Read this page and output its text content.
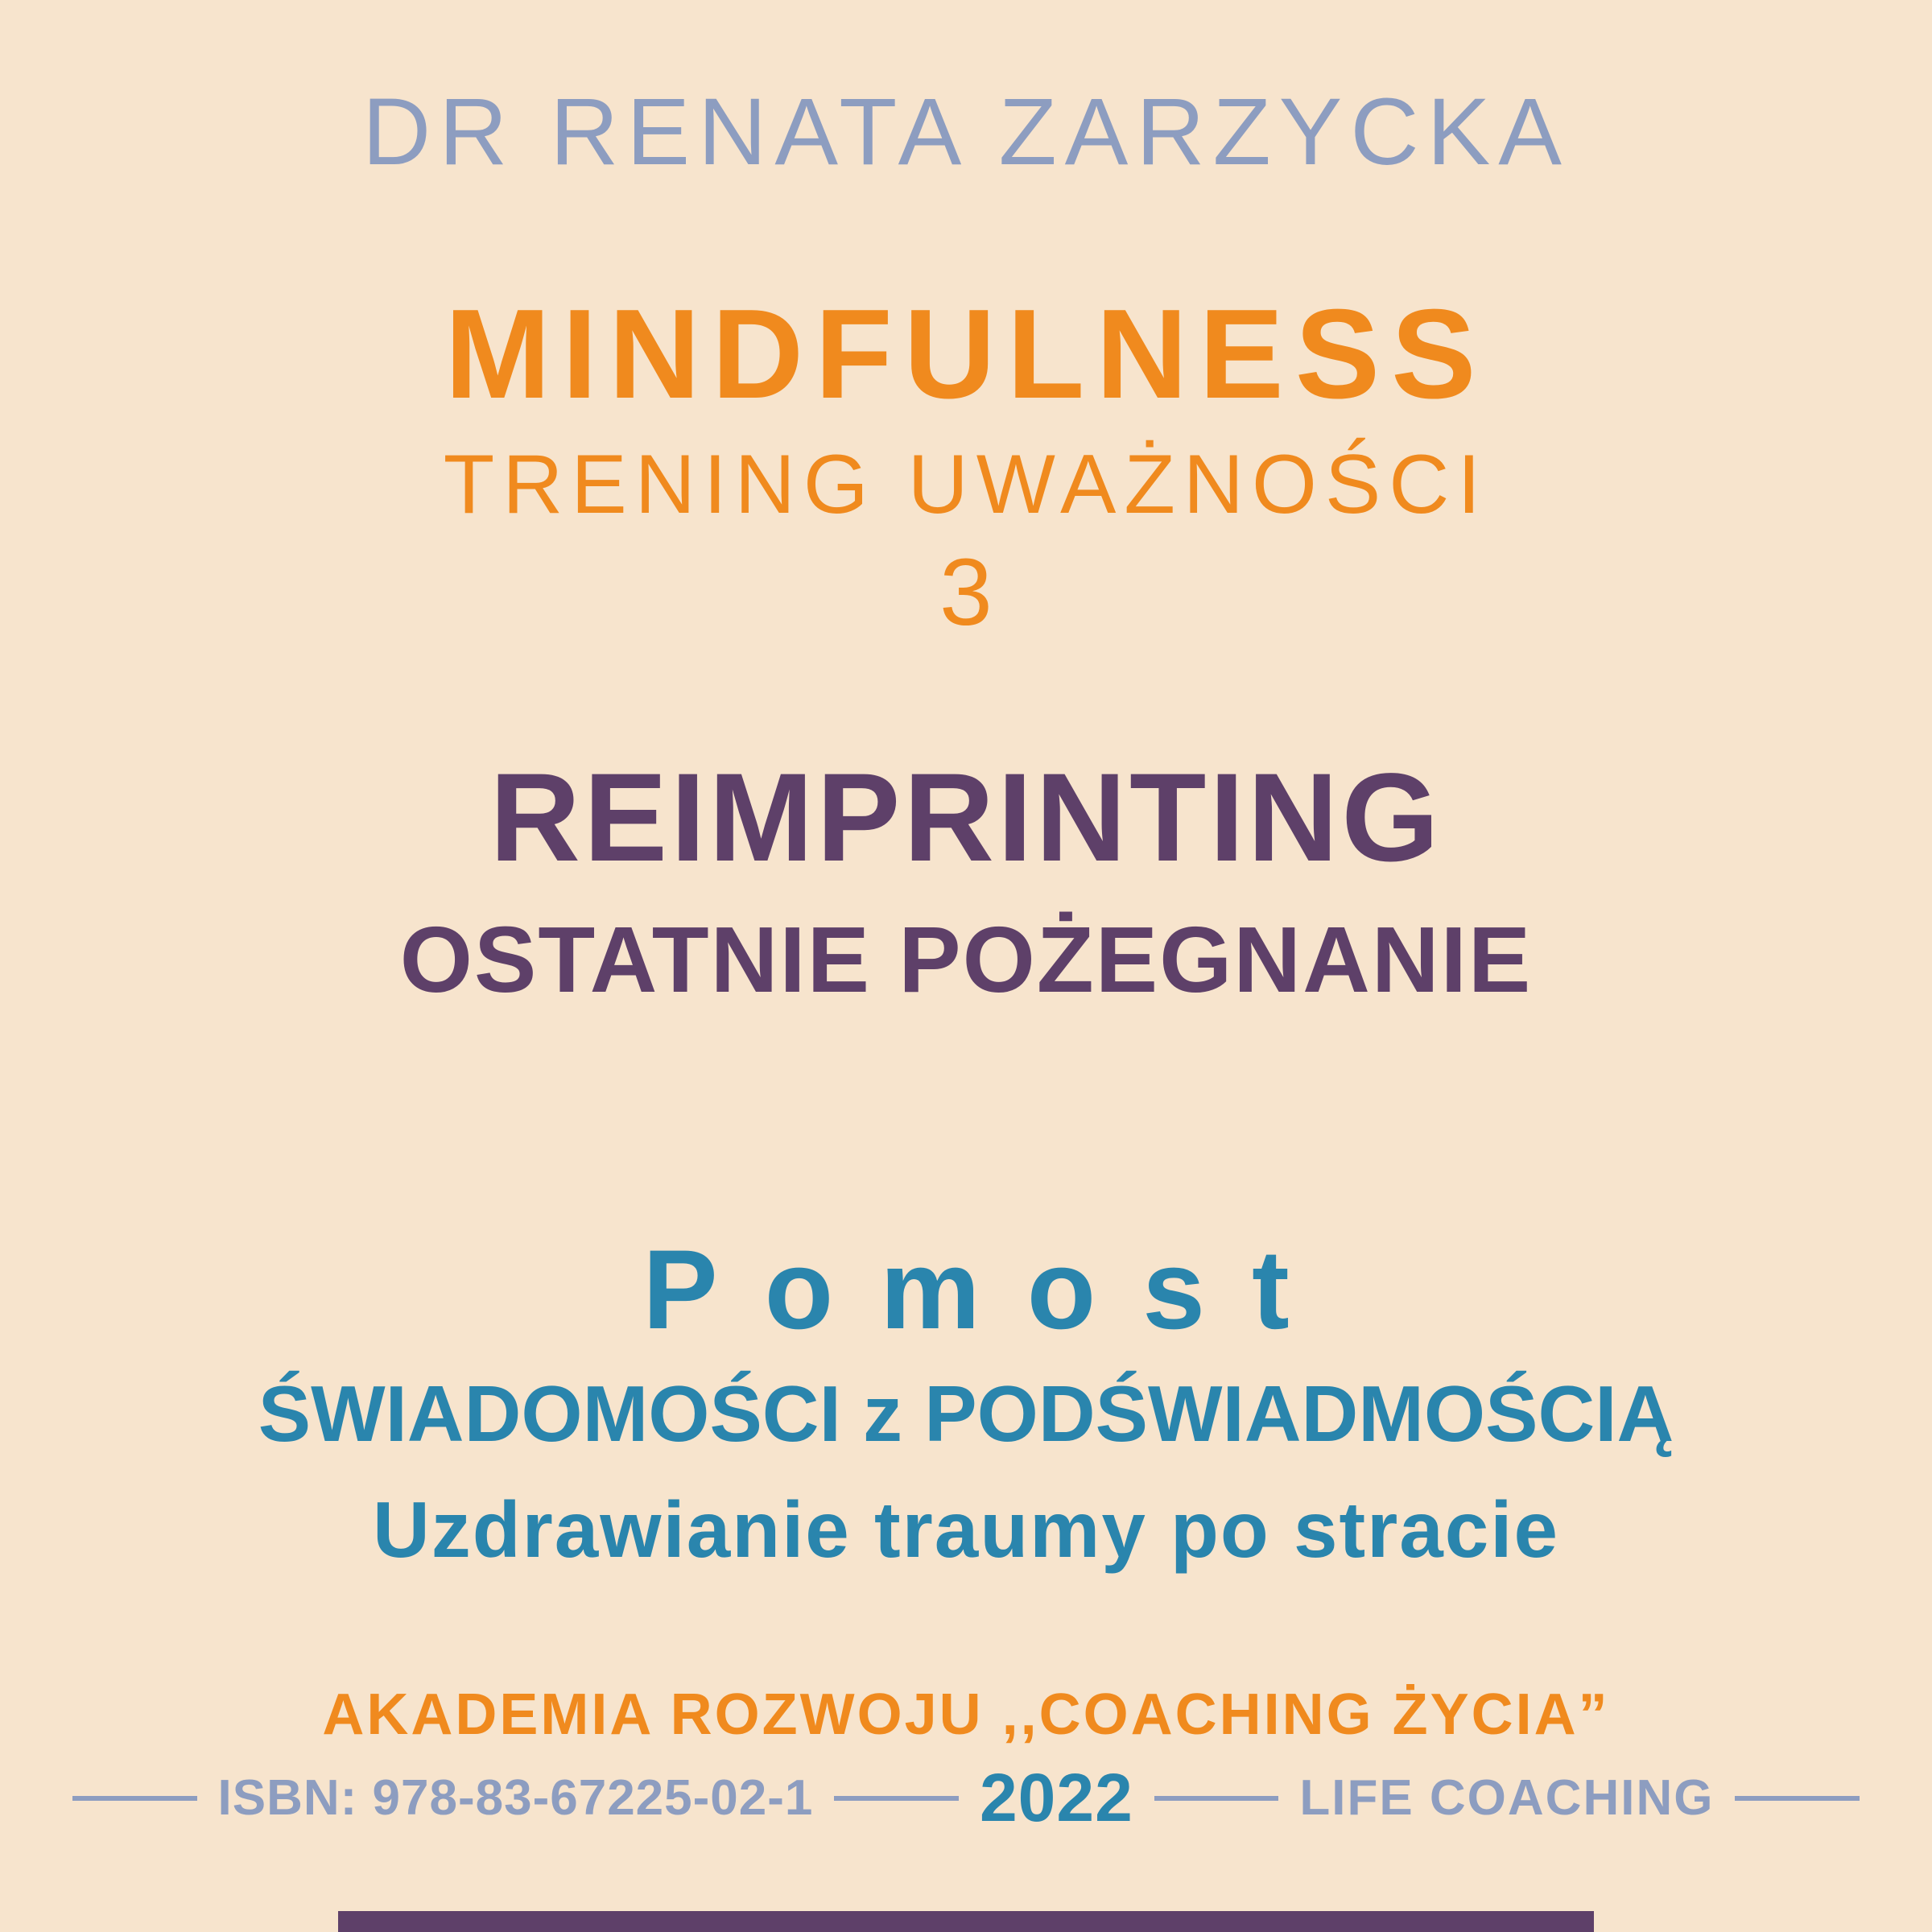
DR RENATA ZARZYCKA
MINDFULNESS
TRENING UWAŻNOŚCI
3
REIMPRINTING
OSTATNIE POŻEGNANIE
Pomost
ŚWIADOMOŚCI z PODŚWIADMOŚCIĄ
Uzdrawianie traumy po stracie
AKADEMIA ROZWOJU ,,COACHING ŻYCIA”
ISBN: 978-83-67225-02-1	2022	LIFE COACHING
